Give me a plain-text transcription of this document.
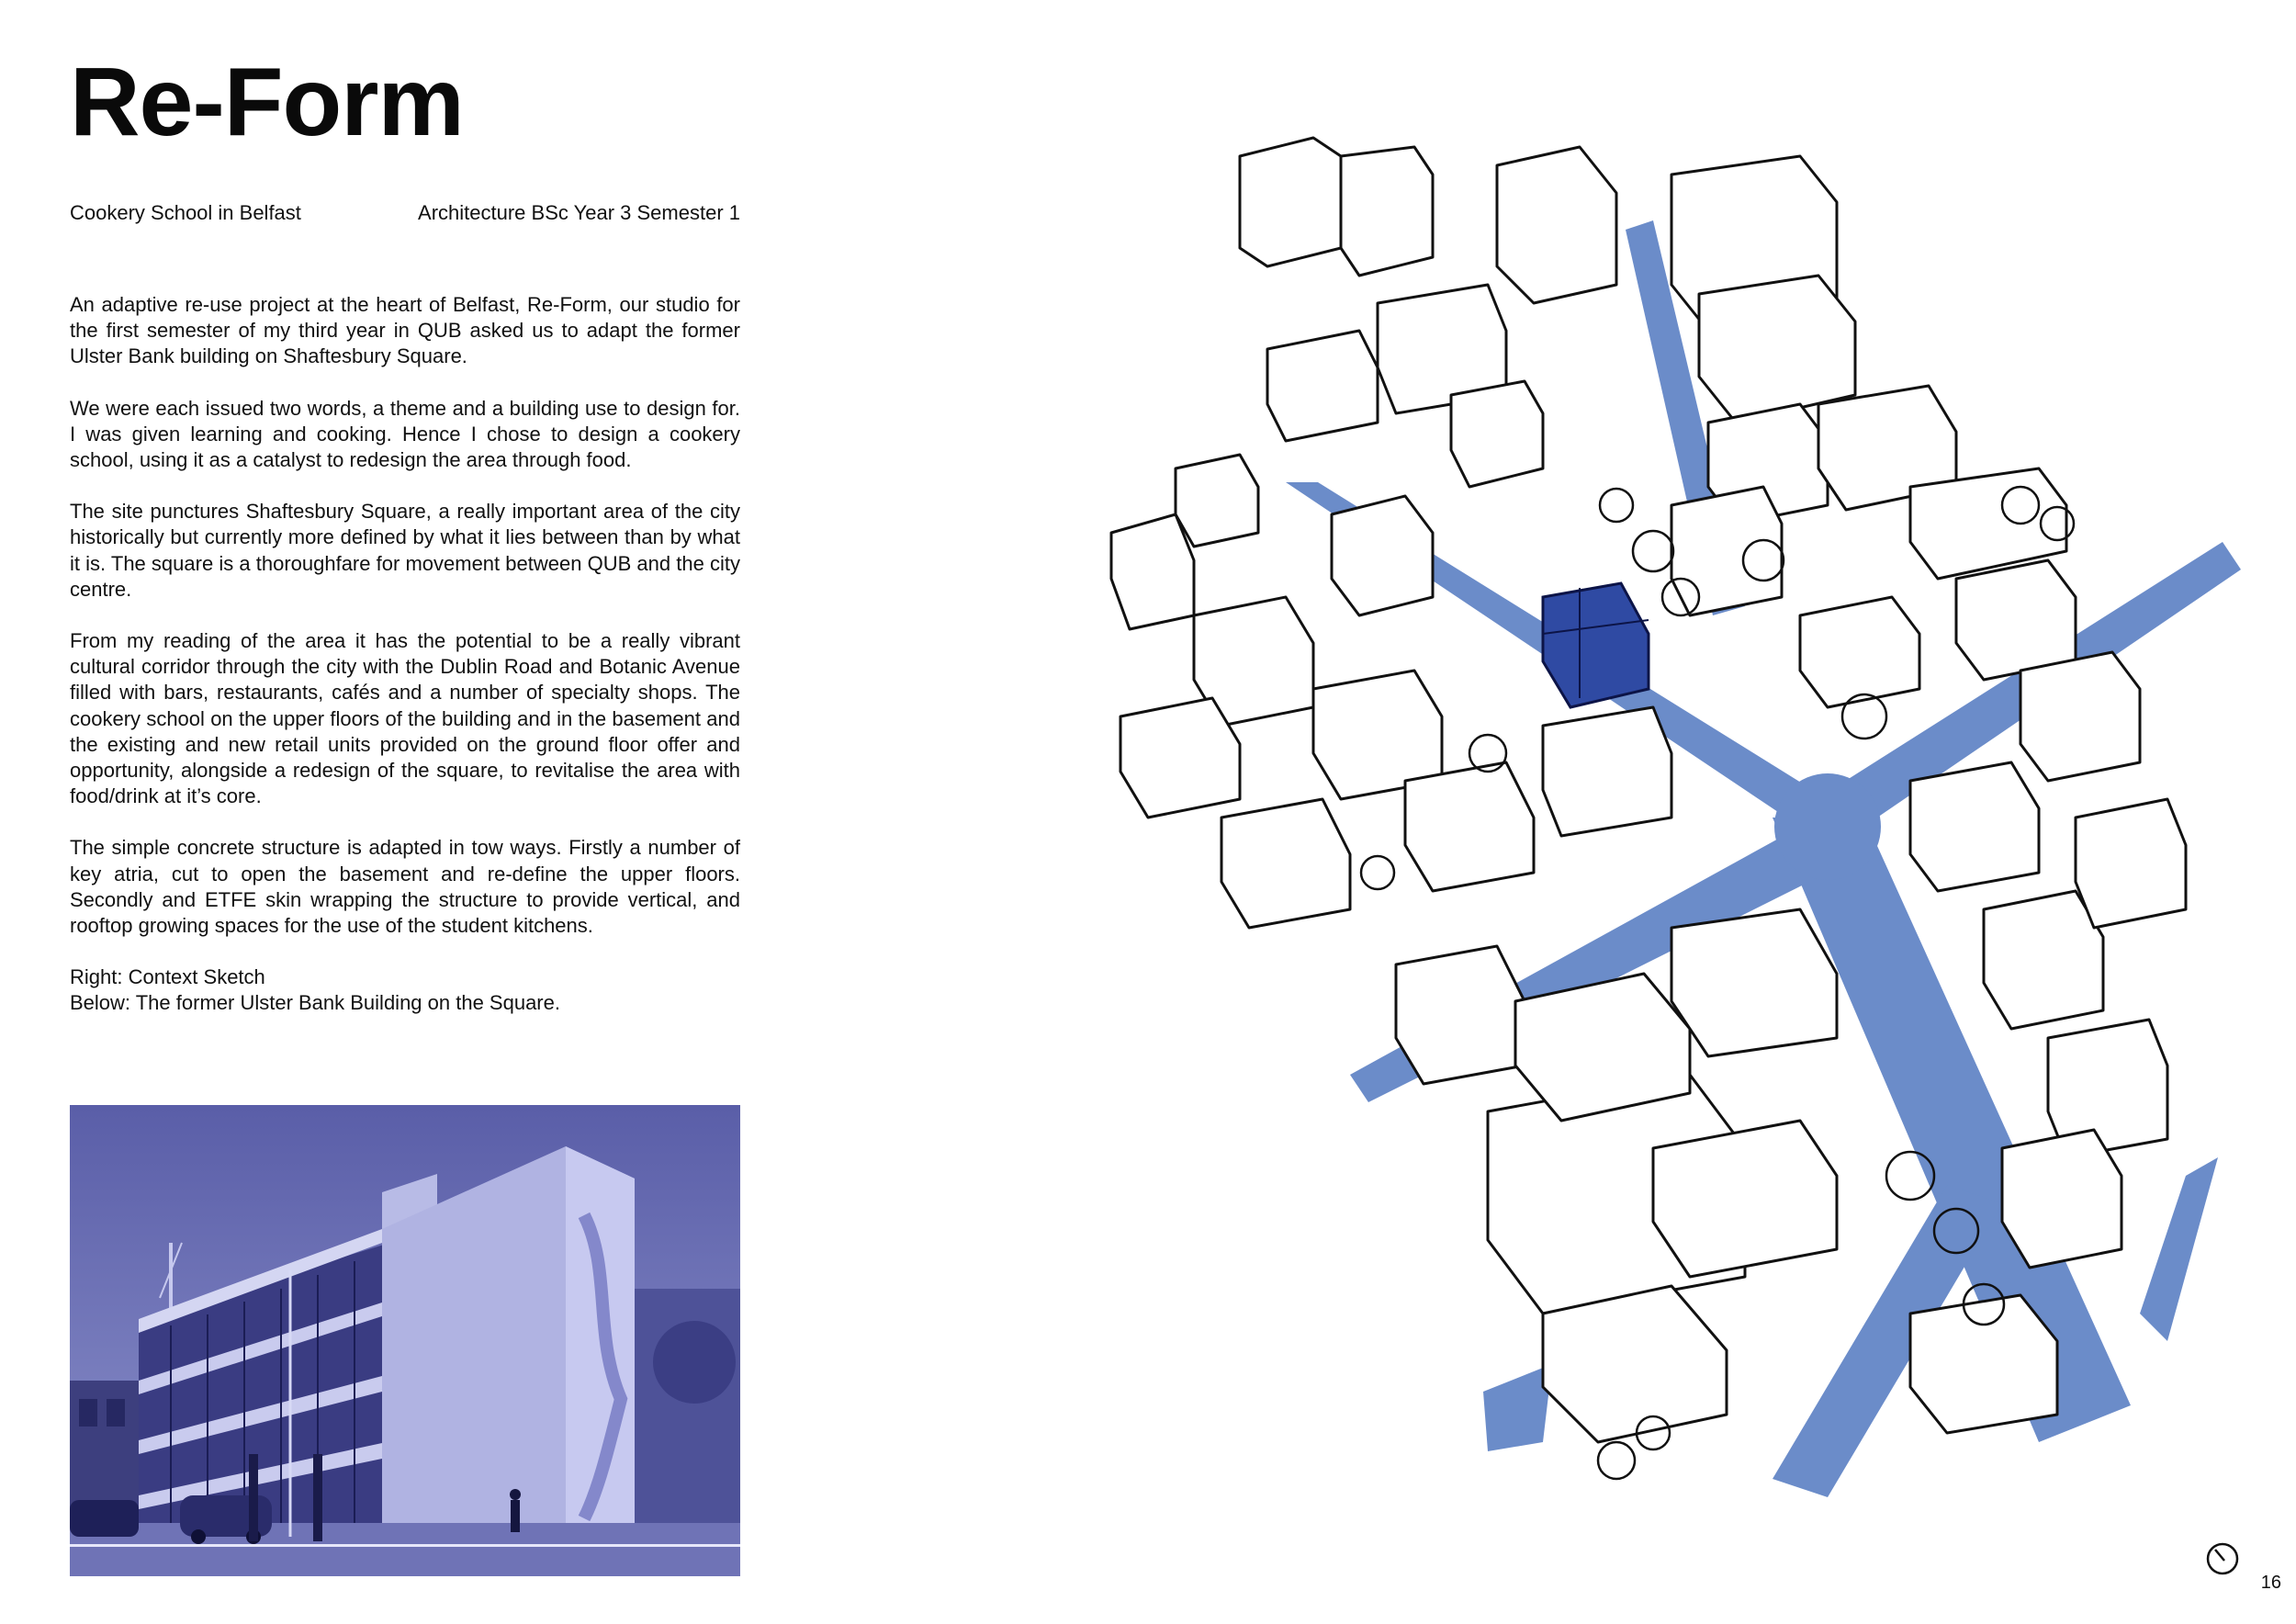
Re-Form
Cookery School in Belfast	Architecture BSc Year 3 Semester 1

An adaptive re-use project at the heart of Belfast, Re-Form, our studio for the first semester of my third year in QUB asked us to adapt the former Ulster Bank building on Shaftesbury Square.

We were each issued two words, a theme and a building use to design for. I was given learning and cooking. Hence I chose to design a cookery school, using it as a catalyst to redesign the area through food.

The site punctures Shaftesbury Square, a really important area of the city historically but currently more defined by what it lies between than by what it is. The square is a thoroughfare for movement between QUB and the city centre.

From my reading of the area it has the potential to be a really vibrant cultural corridor through the city with the Dublin Road and Botanic Avenue filled with bars, restaurants, cafés and a number of specialty shops. The cookery school on the upper floors of the building and in the basement and the existing and new retail units provided on the ground floor offer and opportunity, alongside a redesign of the square, to revitalise the area with food/drink at it’s core.

The simple concrete structure is adapted in tow ways. Firstly a number of key atria, cut to open the basement and re-define the upper floors. Secondly and ETFE skin wrapping the structure to provide vertical, and rooftop growing spaces for the use of the student kitchens.

Right: Context Sketch

Below: The former Ulster Bank Building on the Square.

16
